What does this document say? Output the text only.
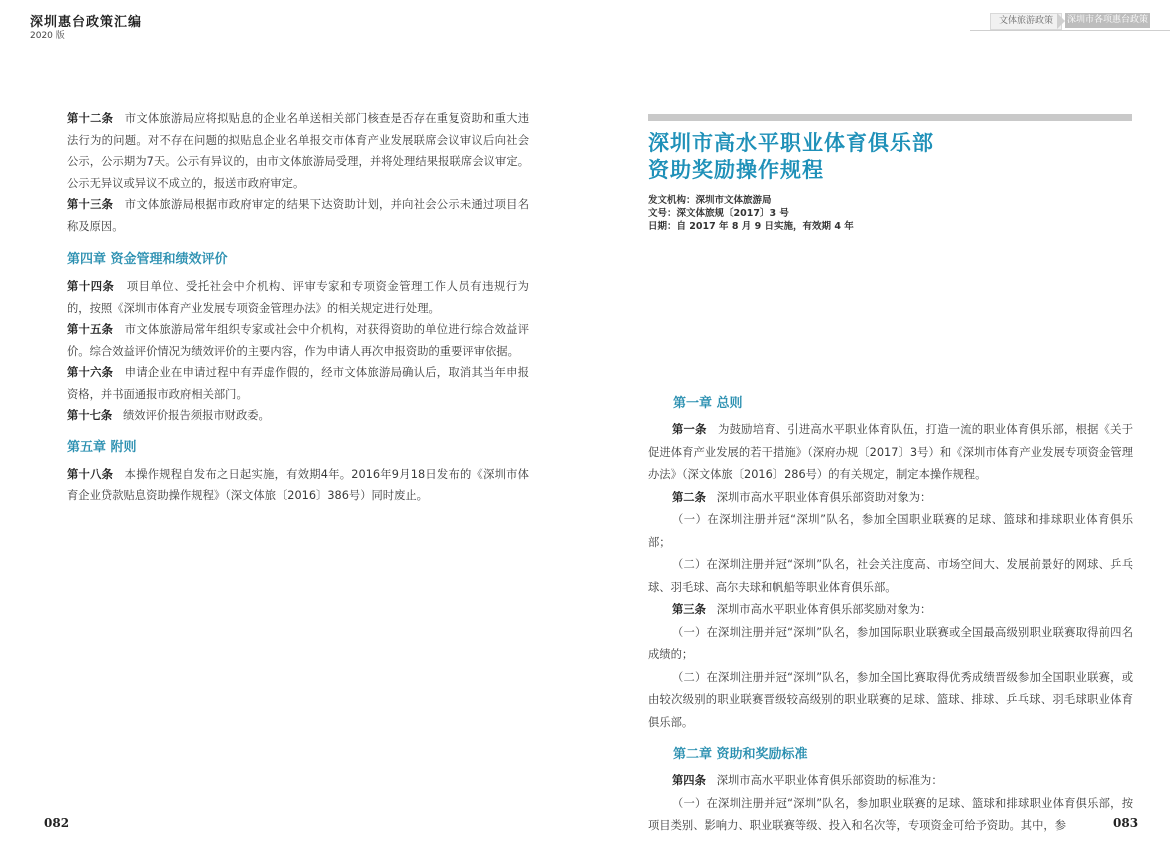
深圳惠台政策汇编
2020 版

第十二条 市文体旅游局应将拟贴息的企业名单送相关部门核查是否存在重复资助和重大违法行为的问题。对不存在问题的拟贴息企业名单报交市体育产业发展联席会议审议后向社会公示，公示期为7天。公示有异议的，由市文体旅游局受理，并将处理结果报联席会议审定。公示无异议或异议不成立的，报送市政府审定。

第十三条 市文体旅游局根据市政府审定的结果下达资助计划，并向社会公示未通过项目名称及原因。

第四章 资金管理和绩效评价

第十四条 项目单位、受托社会中介机构、评审专家和专项资金管理工作人员有违规行为的，按照《深圳市体育产业发展专项资金管理办法》的相关规定进行处理。

第十五条 市文体旅游局常年组织专家或社会中介机构，对获得资助的单位进行综合效益评价。综合效益评价情况为绩效评价的主要内容，作为申请人再次申报资助的重要评审依据。

第十六条 申请企业在申请过程中有弄虚作假的，经市文体旅游局确认后，取消其当年申报资格，并书面通报市政府相关部门。

第十七条 绩效评价报告须报市财政委。

第五章 附则

第十八条 本操作规程自发布之日起实施，有效期4年。2016年9月18日发布的《深圳市体育企业贷款贴息资助操作规程》（深文体旅〔2016〕386号）同时废止。

082
文体旅游政策	深圳市各项惠台政策
深圳市高水平职业体育俱乐部
资助奖励操作规程
发文机构：深圳市文体旅游局
文号：深文体旅规〔2017〕3 号
日期：自 2017 年 8 月 9 日实施，有效期 4 年
第一章 总则

第一条 为鼓励培育、引进高水平职业体育队伍，打造一流的职业体育俱乐部，根据《关于促进体育产业发展的若干措施》（深府办规〔2017〕3号）和《深圳市体育产业发展专项资金管理办法》（深文体旅〔2016〕286号）的有关规定，制定本操作规程。

第二条 深圳市高水平职业体育俱乐部资助对象为：

（一）在深圳注册并冠“深圳”队名，参加全国职业联赛的足球、篮球和排球职业体育俱乐部；

（二）在深圳注册并冠“深圳”队名，社会关注度高、市场空间大、发展前景好的网球、乒乓球、羽毛球、高尔夫球和帆船等职业体育俱乐部。

第三条 深圳市高水平职业体育俱乐部奖励对象为：

（一）在深圳注册并冠“深圳”队名，参加国际职业联赛或全国最高级别职业联赛取得前四名成绩的；

（二）在深圳注册并冠“深圳”队名，参加全国比赛取得优秀成绩晋级参加全国职业联赛，或由较次级别的职业联赛晋级较高级别的职业联赛的足球、篮球、排球、乒乓球、羽毛球职业体育俱乐部。

第二章 资助和奖励标准

第四条 深圳市高水平职业体育俱乐部资助的标准为：

（一）在深圳注册并冠“深圳”队名，参加职业联赛的足球、篮球和排球职业体育俱乐部，按项目类别、影响力、职业联赛等级、投入和名次等，专项资金可给予资助。其中，参	083
